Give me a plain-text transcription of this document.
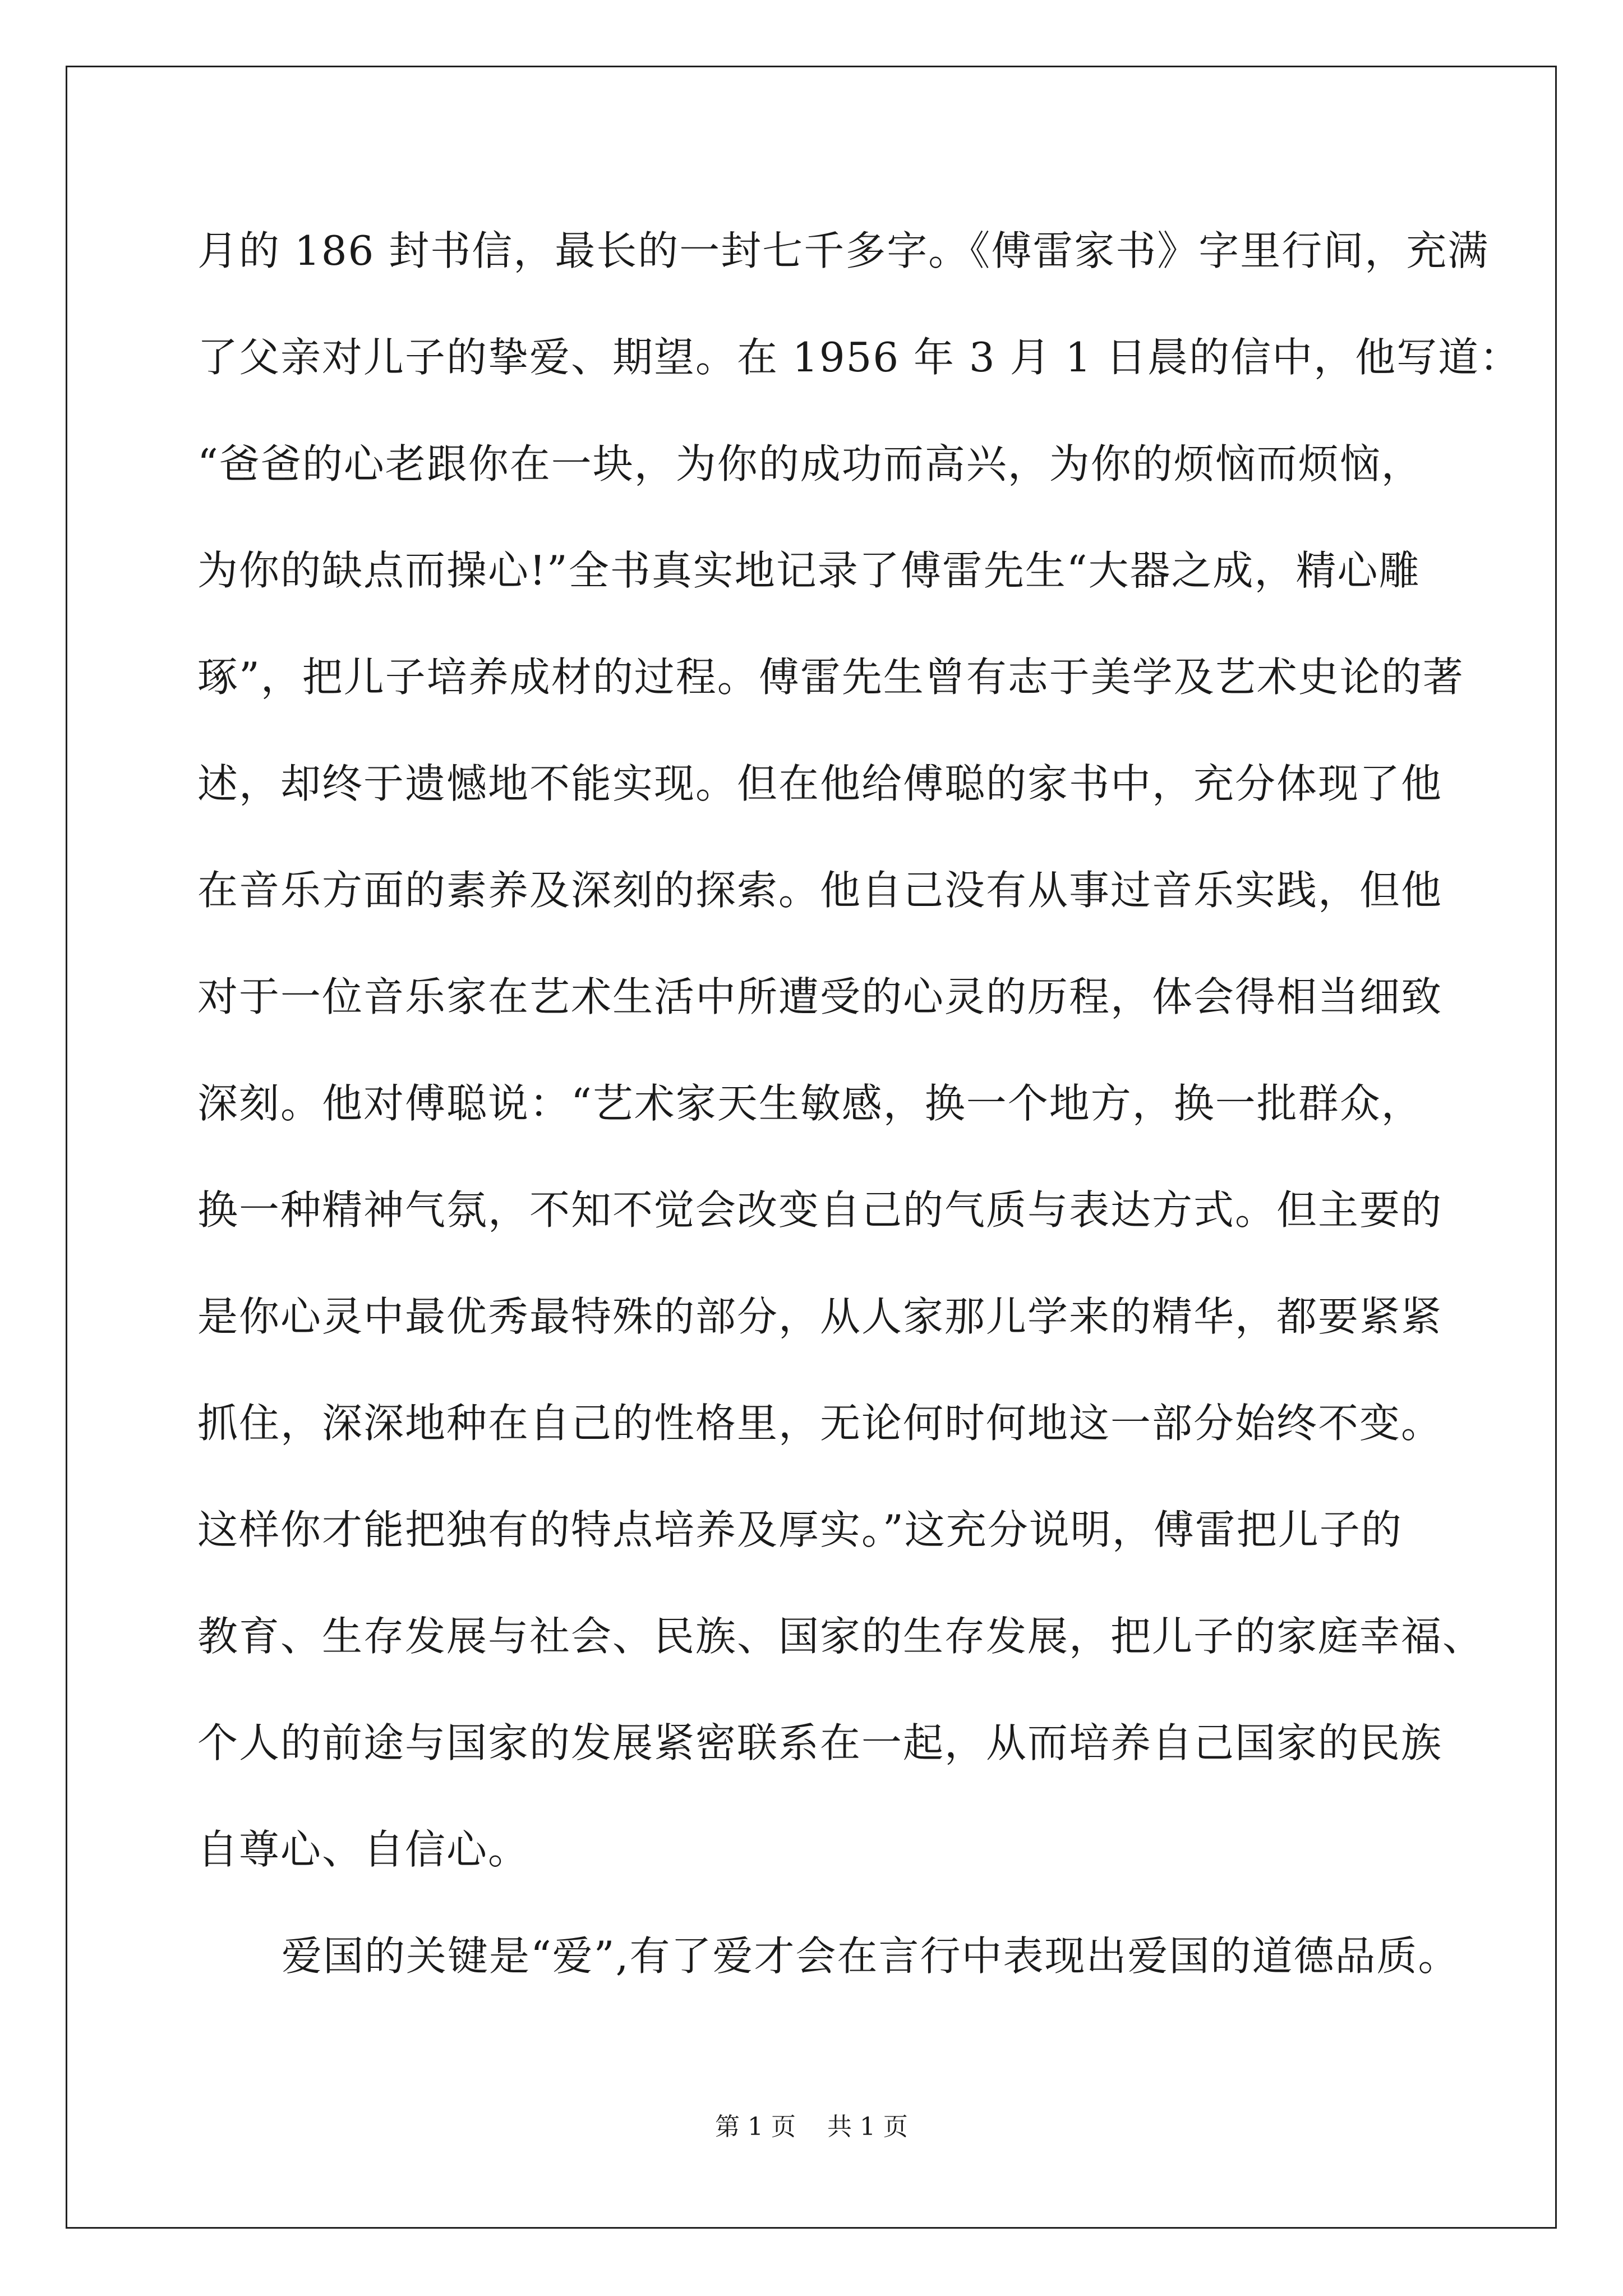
月的 186 封书信，最长的一封七千多字。《傅雷家书》字里行间，充满
了父亲对儿子的挚爱、期望。在 1956 年 3 月 1 日晨的信中，他写道：
“爸爸的心老跟你在一块，为你的成功而高兴，为你的烦恼而烦恼，
为你的缺点而操心!”全书真实地记录了傅雷先生“大器之成，精心雕
琢”，把儿子培养成材的过程。傅雷先生曾有志于美学及艺术史论的著
述，却终于遗憾地不能实现。但在他给傅聪的家书中，充分体现了他
在音乐方面的素养及深刻的探索。他自己没有从事过音乐实践，但他
对于一位音乐家在艺术生活中所遭受的心灵的历程，体会得相当细致
深刻。他对傅聪说：“艺术家天生敏感，换一个地方，换一批群众，
换一种精神气氛，不知不觉会改变自己的气质与表达方式。但主要的
是你心灵中最优秀最特殊的部分，从人家那儿学来的精华，都要紧紧
抓住，深深地种在自己的性格里，无论何时何地这一部分始终不变。
这样你才能把独有的特点培养及厚实。”这充分说明，傅雷把儿子的
教育、生存发展与社会、民族、国家的生存发展，把儿子的家庭幸福、
个人的前途与国家的发展紧密联系在一起，从而培养自己国家的民族
自尊心、自信心。
爱国的关键是“爱”,有了爱才会在言行中表现出爱国的道德品质。
第 1 页    共 1 页
